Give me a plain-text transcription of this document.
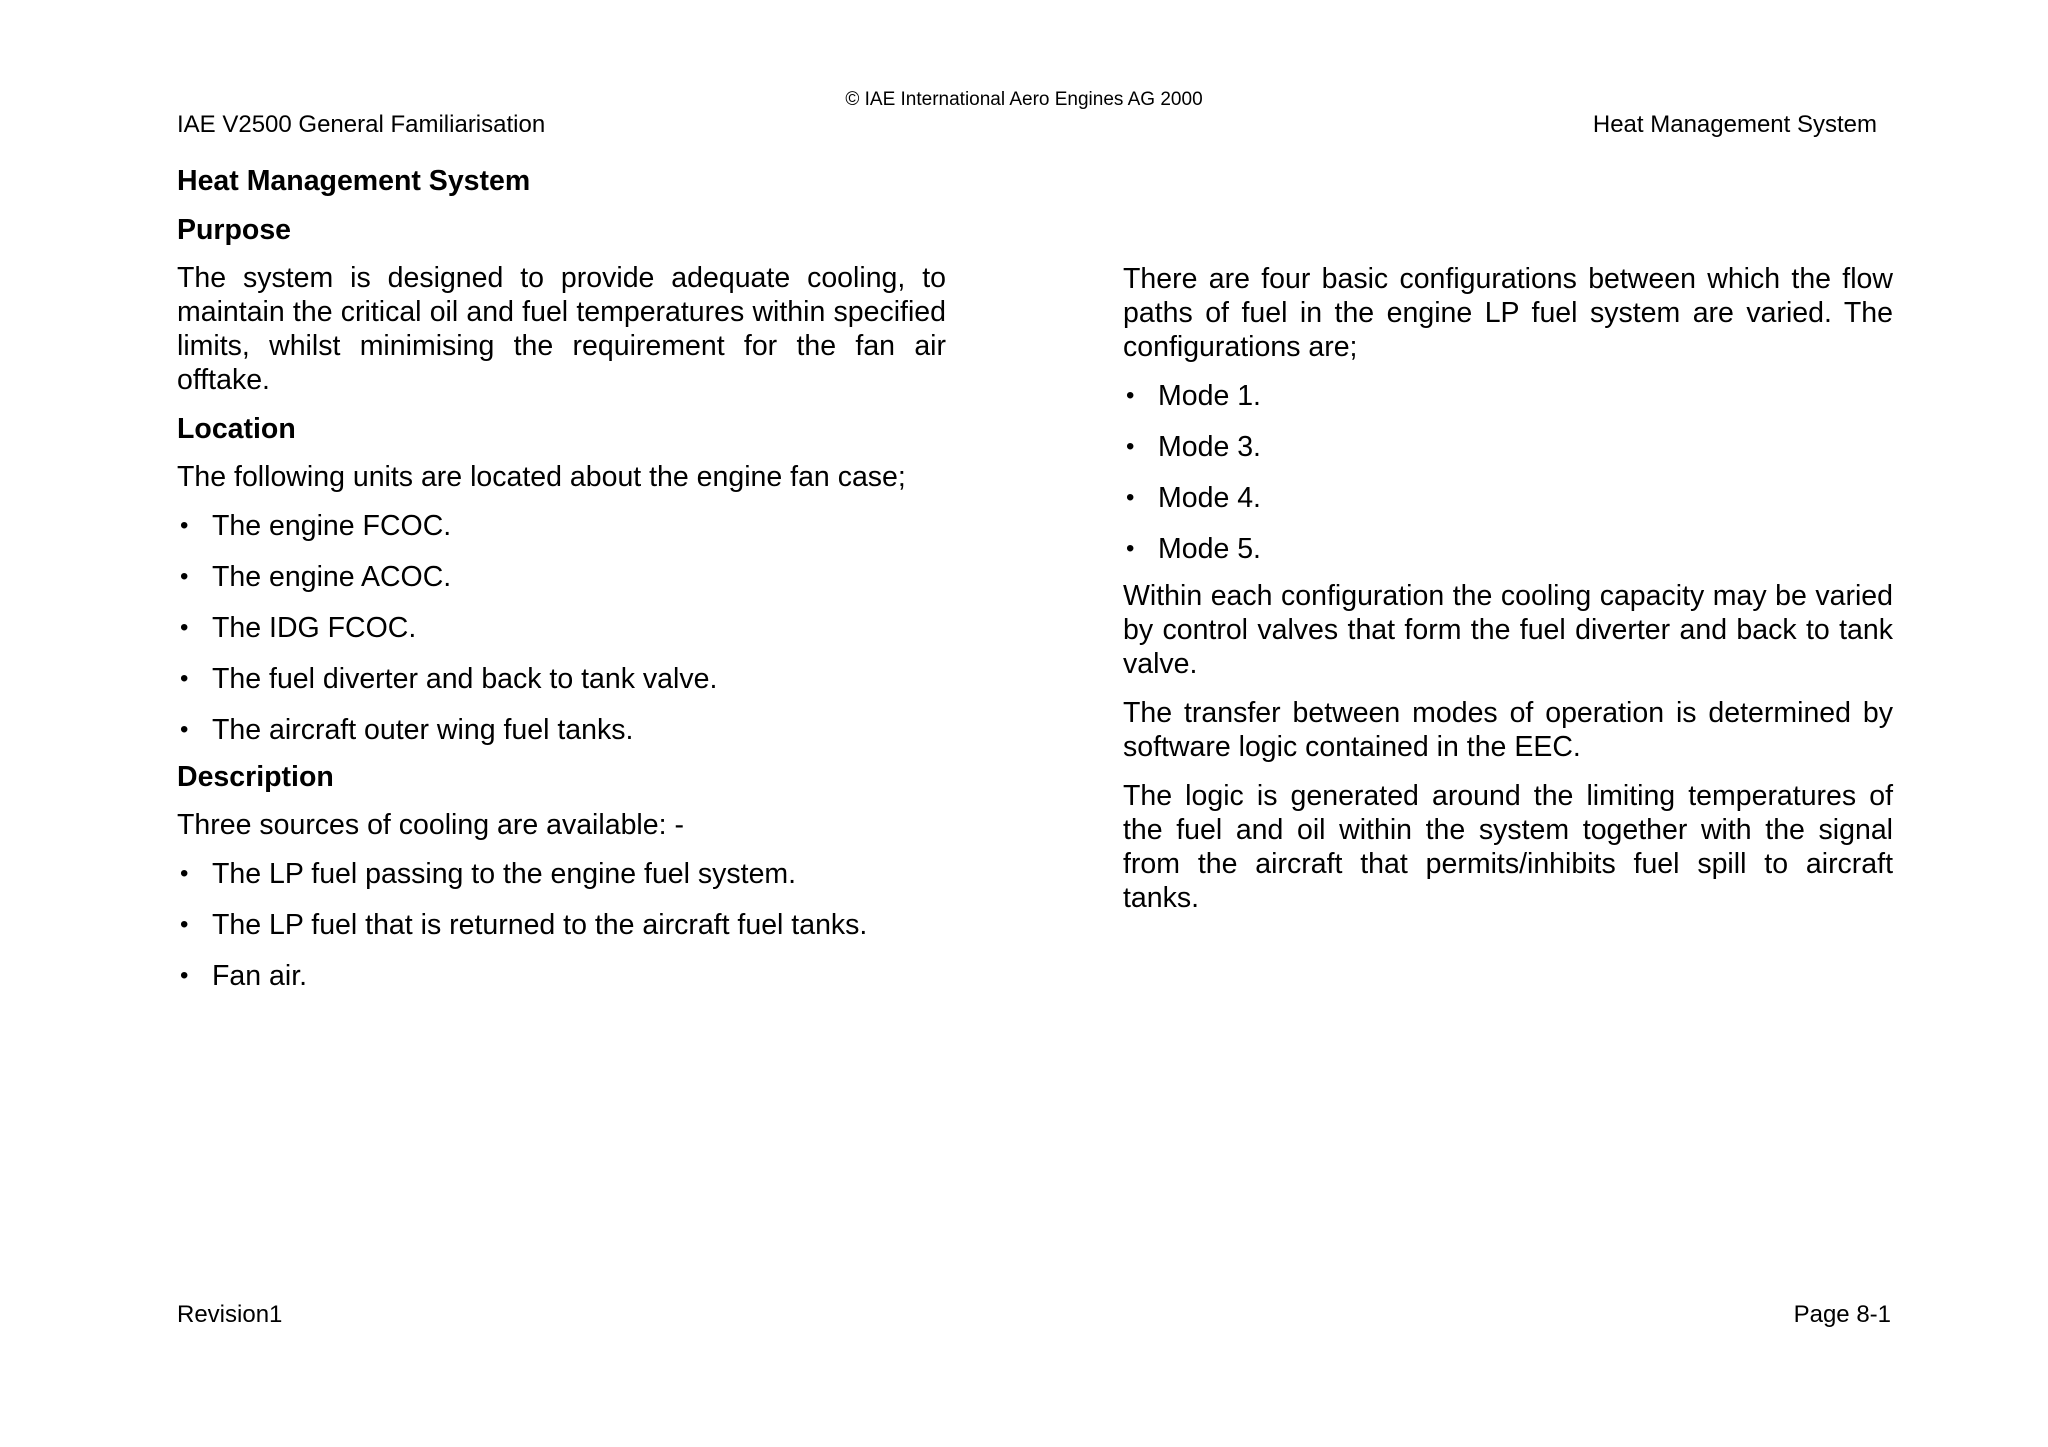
© IAE International Aero Engines AG 2000
IAE V2500 General Familiarisation	Heat Management System
Heat Management System
Purpose

The system is designed to provide adequate cooling, to maintain the critical oil and fuel temperatures within specified limits, whilst minimising the requirement for the fan air offtake.

Location

The following units are located about the engine fan case;

• The engine FCOC.
• The engine ACOC.
• The IDG FCOC.
• The fuel diverter and back to tank valve.
• The aircraft outer wing fuel tanks.
Description

Three sources of cooling are available: -

• The LP fuel passing to the engine fuel system.
• The LP fuel that is returned to the aircraft fuel tanks.
• Fan air.

There are four basic configurations between which the flow paths of fuel in the engine LP fuel system are varied. The configurations are;

• Mode 1.
• Mode 3.
• Mode 4.
• Mode 5.

Within each configuration the cooling capacity may be varied by control valves that form the fuel diverter and back to tank valve.

The transfer between modes of operation is determined by software logic contained in the EEC.

The logic is generated around the limiting temperatures of the fuel and oil within the system together with the signal from the aircraft that permits/inhibits fuel spill to aircraft tanks.

Revision1	Page 8-1
